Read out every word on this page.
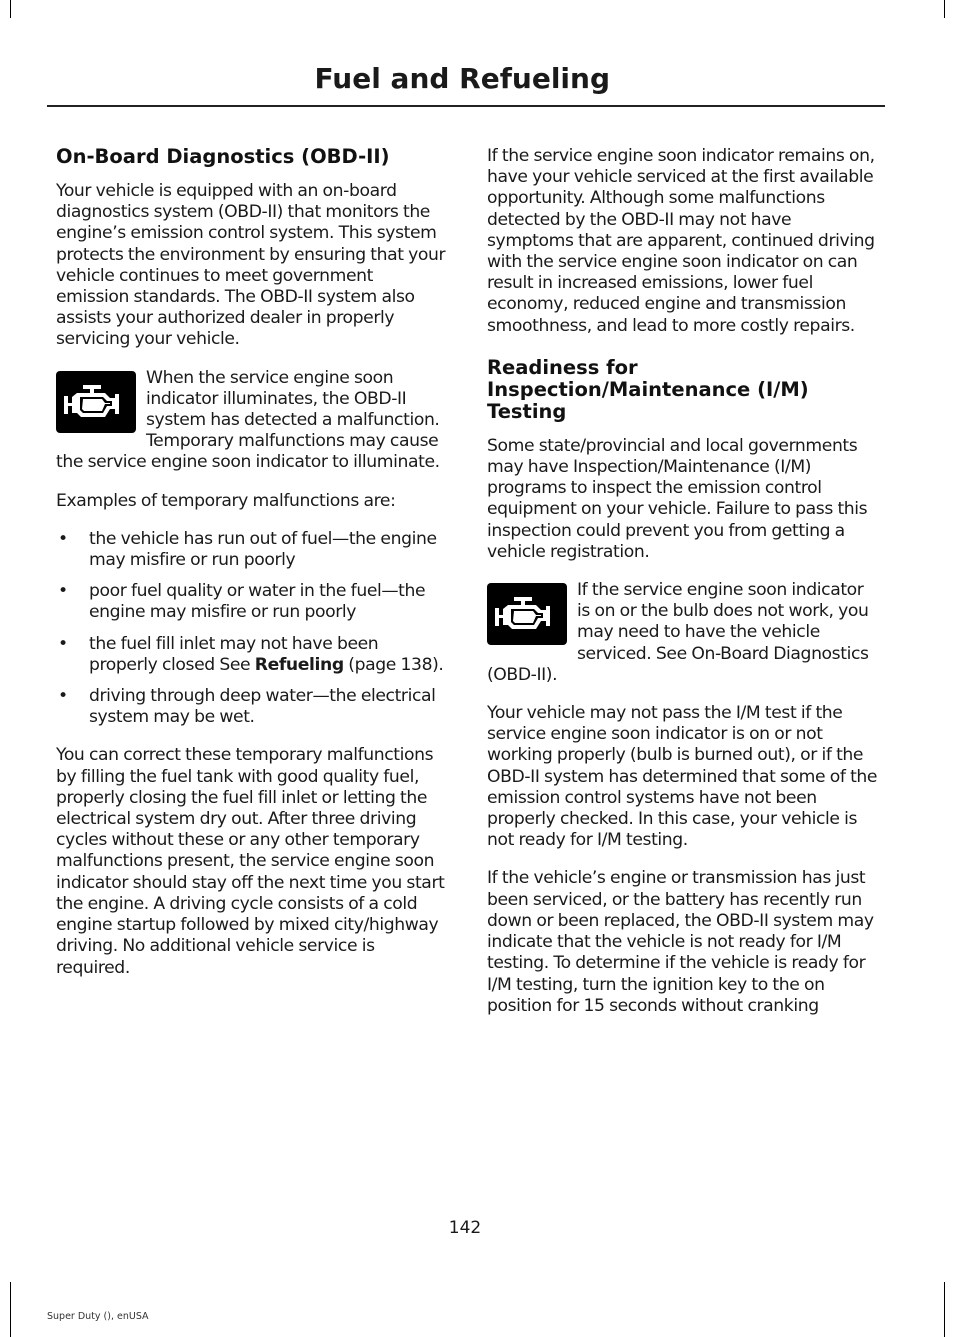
Fuel and Refueling
On-Board Diagnostics (OBD-II)

Your vehicle is equipped with an on-board diagnostics system (OBD-II) that monitors the engine’s emission control system. This system protects the environment by ensuring that your vehicle continues to meet government emission standards. The OBD-II system also assists your authorized dealer in properly servicing your vehicle.

When the service engine soon indicator illuminates, the OBD-II system has detected a malfunction. Temporary malfunctions may cause the service engine soon indicator to illuminate.

Examples of temporary malfunctions are:

• the vehicle has run out of fuel—the engine may misfire or run poorly
• poor fuel quality or water in the fuel—the engine may misfire or run poorly
• the fuel fill inlet may not have been properly closed See Refueling (page 138).
• driving through deep water—the electrical system may be wet.

You can correct these temporary malfunctions by filling the fuel tank with good quality fuel, properly closing the fuel fill inlet or letting the electrical system dry out. After three driving cycles without these or any other temporary malfunctions present, the service engine soon indicator should stay off the next time you start the engine. A driving cycle consists of a cold engine startup followed by mixed city/highway driving. No additional vehicle service is required.

If the service engine soon indicator remains on, have your vehicle serviced at the first available opportunity. Although some malfunctions detected by the OBD-II may not have symptoms that are apparent, continued driving with the service engine soon indicator on can result in increased emissions, lower fuel economy, reduced engine and transmission smoothness, and lead to more costly repairs.

Readiness for Inspection/Maintenance (I/M) Testing

Some state/provincial and local governments may have Inspection/Maintenance (I/M) programs to inspect the emission control equipment on your vehicle. Failure to pass this inspection could prevent you from getting a vehicle registration.

If the service engine soon indicator is on or the bulb does not work, you may need to have the vehicle serviced. See On-Board Diagnostics (OBD-II).

Your vehicle may not pass the I/M test if the service engine soon indicator is on or not working properly (bulb is burned out), or if the OBD-II system has determined that some of the emission control systems have not been properly checked. In this case, your vehicle is not ready for I/M testing.

If the vehicle’s engine or transmission has just been serviced, or the battery has recently run down or been replaced, the OBD-II system may indicate that the vehicle is not ready for I/M testing. To determine if the vehicle is ready for I/M testing, turn the ignition key to the on position for 15 seconds without cranking

142
Super Duty (), enUSA
